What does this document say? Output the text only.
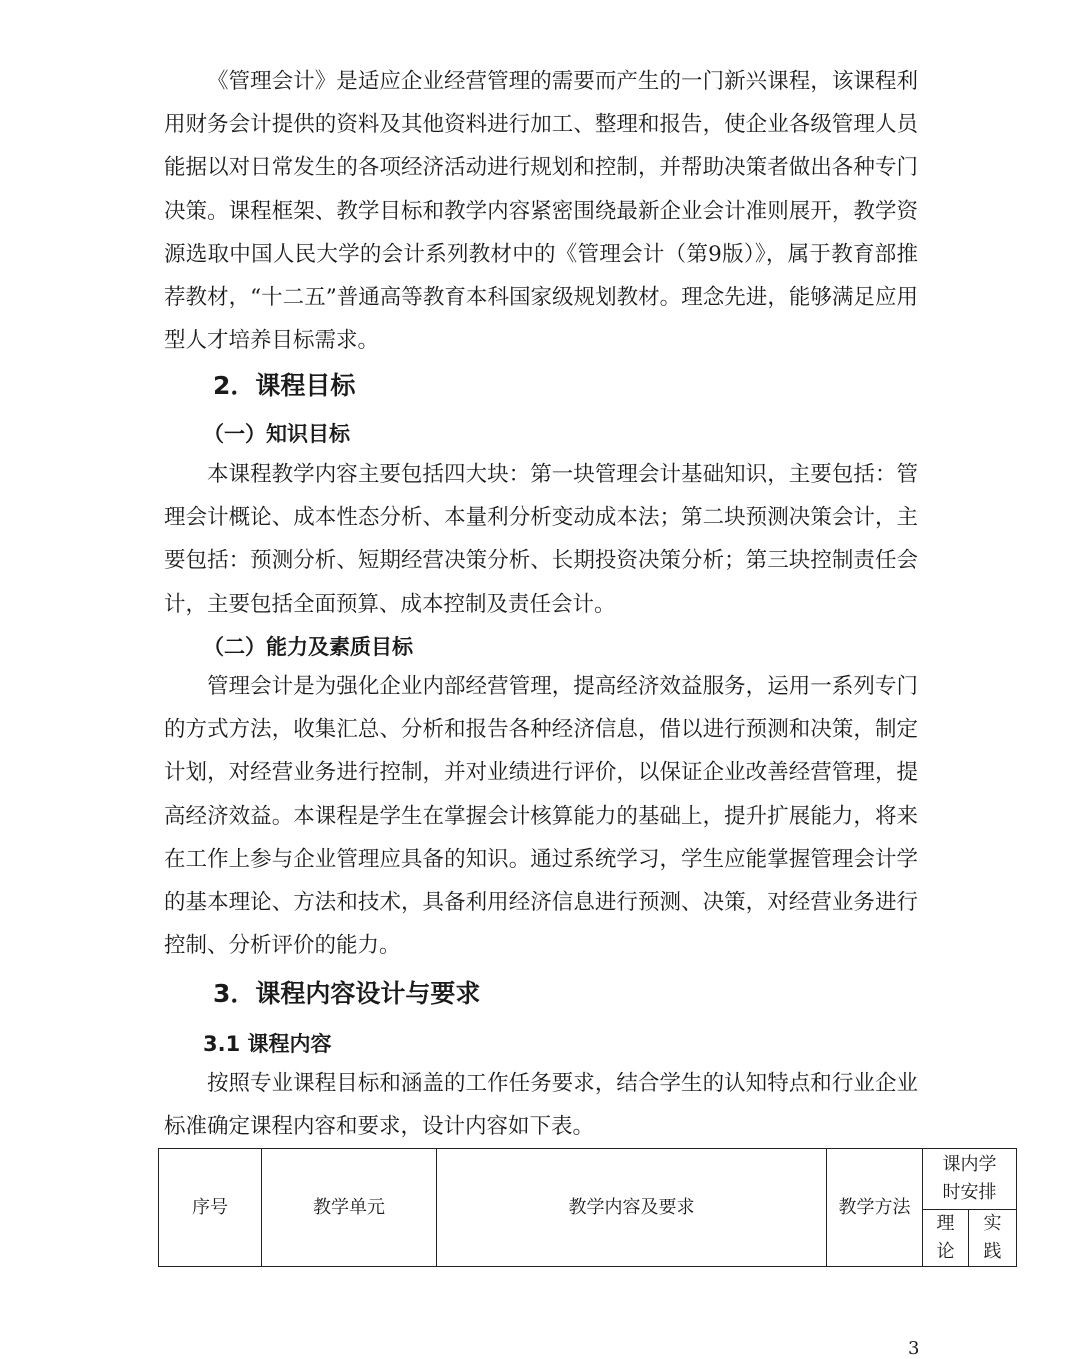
《管理会计》是适应企业经营管理的需要而产生的一门新兴课程，该课程利用财务会计提供的资料及其他资料进行加工、整理和报告，使企业各级管理人员能据以对日常发生的各项经济活动进行规划和控制，并帮助决策者做出各种专门决策。课程框架、教学目标和教学内容紧密围绕最新企业会计准则展开，教学资源选取中国人民大学的会计系列教材中的《管理会计（第9版）》，属于教育部推荐教材，“十二五”普通高等教育本科国家级规划教材。理念先进，能够满足应用型人才培养目标需求。

2．课程目标
（一）知识目标

本课程教学内容主要包括四大块：第一块管理会计基础知识，主要包括：管理会计概论、成本性态分析、本量利分析变动成本法；第二块预测决策会计，主要包括：预测分析、短期经营决策分析、长期投资决策分析；第三块控制责任会计，主要包括全面预算、成本控制及责任会计。

（二）能力及素质目标

管理会计是为强化企业内部经营管理，提高经济效益服务，运用一系列专门的方式方法，收集汇总、分析和报告各种经济信息，借以进行预测和决策，制定计划，对经营业务进行控制，并对业绩进行评价，以保证企业改善经营管理，提高经济效益。本课程是学生在掌握会计核算能力的基础上，提升扩展能力，将来在工作上参与企业管理应具备的知识。通过系统学习，学生应能掌握管理会计学的基本理论、方法和技术，具备利用经济信息进行预测、决策，对经营业务进行控制、分析评价的能力。

3．课程内容设计与要求
3.1 课程内容

按照专业课程目标和涵盖的工作任务要求，结合学生的认知特点和行业企业标准确定课程内容和要求，设计内容如下表。

序号	教学单元	教学内容及要求	教学方法	课内学时安排	
				理论	实践
3
